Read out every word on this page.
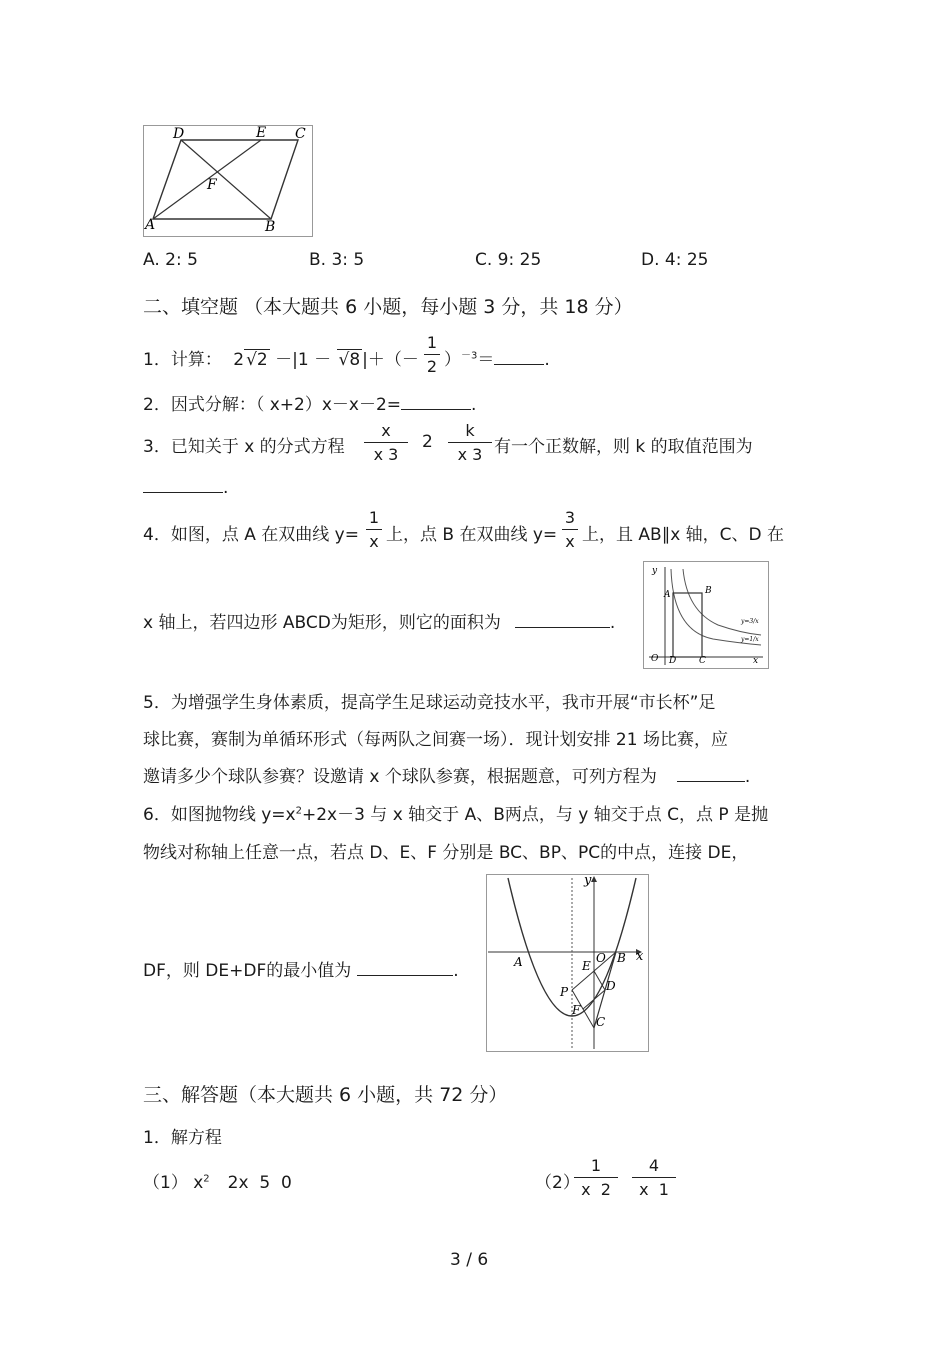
D	E C
F
A	B
A. 2: 5	B. 3: 5	C. 9: 25	D. 4: 25
二、填空题 （本大题共 6 小题，每小题 3 分，共 18 分）
1．计算： 2 √2 －|1 － √8 |＋（－
1
2 ）$^{-3}$＝	.
2．因式分解：（ x+2）x－x－2=	.
3．已知关于 x 的分式方程
x
x 3
2
k
x 3 有一个正数解，则 k 的取值范围为
.
4．如图，点 A 在双曲线 y=
1
x 上，点 B 在双曲线 y=
3
x 上，且 AB∥x 轴，C、D 在
x 轴上，若四边形 ABCD为矩形，则它的面积为	.
y
A	B
O D	C	x
y=3/x
y=1/x
5．为增强学生身体素质，提高学生足球运动竞技水平，我市开展“市长杯”足
球比赛，赛制为单循环形式（每两队之间赛一场）．现计划安排 21 场比赛，应
邀请多少个球队参赛？设邀请 x 个球队参赛，根据题意，可列方程为	.
6．如图抛物线 $y=x^2+2x-3$ 与 x 轴交于 A、B两点，与 y 轴交于点 C，点 P 是抛
物线对称轴上任意一点，若点 D、E、F 分别是 BC、BP、PC的中点，连接 DE，
DF，则 DE+DF的最小值为	.
y
x
A	O B
E
P	D
F
C
三、解答题（本大题共 6 小题，共 72 分）
1．解方程
（1） $x^2$ 2x  5  0	（2）
1
x  2
4
x  1
3 / 6
